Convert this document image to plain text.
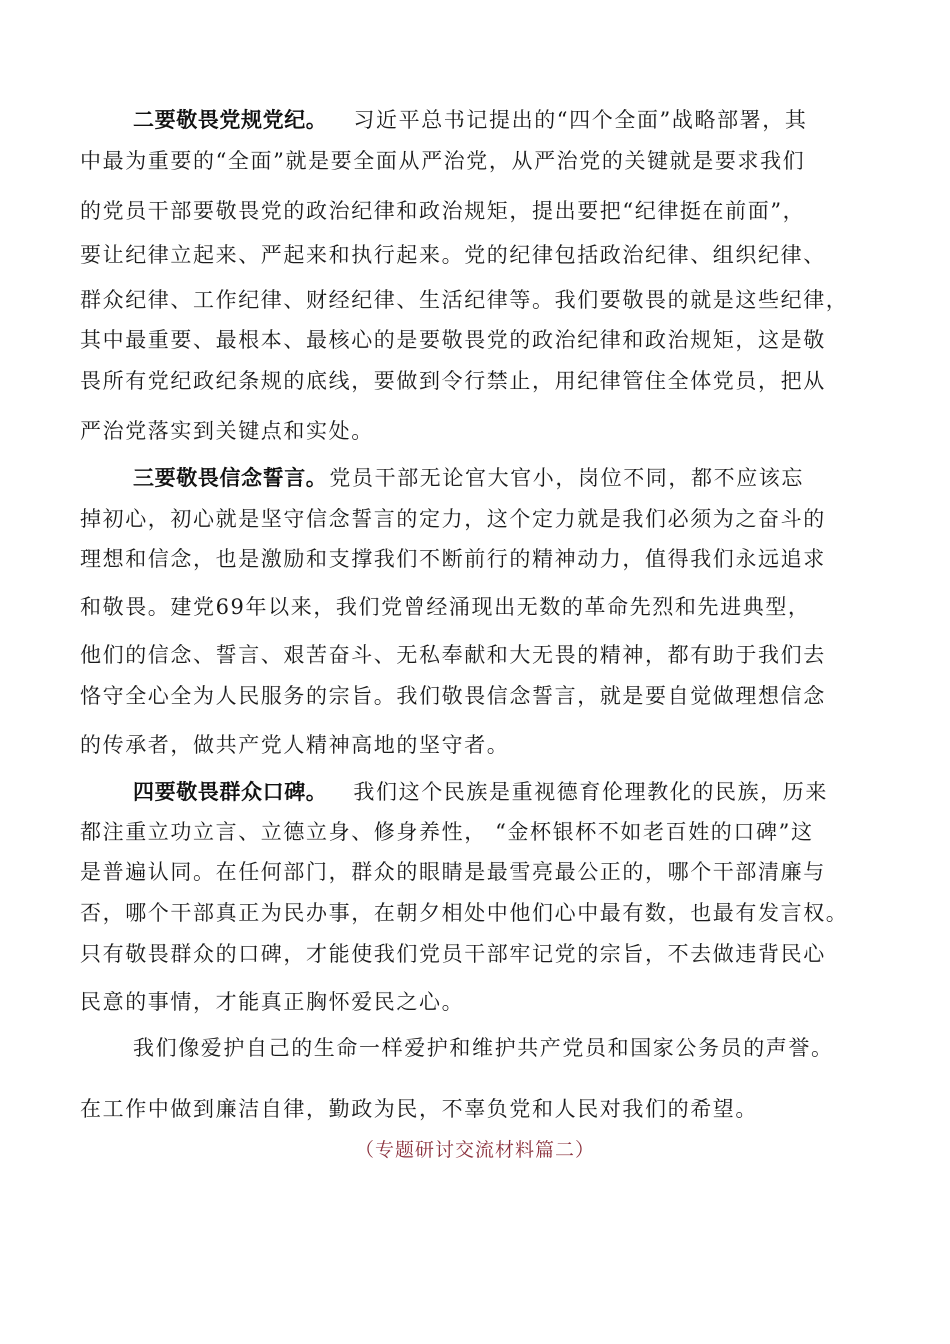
二要敬畏党规党纪。 习近平总书记提出的“四个全面”战略部署，其
中最为重要的“全面”就是要全面从严治党，从严治党的关键就是要求我们
的党员干部要敬畏党的政治纪律和政治规矩，提出要把“纪律挺在前面”，
要让纪律立起来、严起来和执行起来。党的纪律包括政治纪律、组织纪律、
群众纪律、工作纪律、财经纪律、生活纪律等。我们要敬畏的就是这些纪律，
其中最重要、最根本、最核心的是要敬畏党的政治纪律和政治规矩，这是敬
畏所有党纪政纪条规的底线，要做到令行禁止，用纪律管住全体党员，把从
严治党落实到关键点和实处。
三要敬畏信念誓言。党员干部无论官大官小，岗位不同，都不应该忘
掉初心，初心就是坚守信念誓言的定力，这个定力就是我们必须为之奋斗的
理想和信念，也是激励和支撑我们不断前行的精神动力，值得我们永远追求
和敬畏。建党69年以来，我们党曾经涌现出无数的革命先烈和先进典型，
他们的信念、誓言、艰苦奋斗、无私奉献和大无畏的精神，都有助于我们去
恪守全心全为人民服务的宗旨。我们敬畏信念誓言，就是要自觉做理想信念
的传承者，做共产党人精神高地的坚守者。
四要敬畏群众口碑。 我们这个民族是重视德育伦理教化的民族，历来
都注重立功立言、立德立身、修身养性， “金杯银杯不如老百姓的口碑”这
是普遍认同。在任何部门，群众的眼睛是最雪亮最公正的，哪个干部清廉与
否，哪个干部真正为民办事，在朝夕相处中他们心中最有数，也最有发言权。
只有敬畏群众的口碑，才能使我们党员干部牢记党的宗旨，不去做违背民心
民意的事情，才能真正胸怀爱民之心。
我们像爱护自己的生命一样爱护和维护共产党员和国家公务员的声誉。
在工作中做到廉洁自律，勤政为民，不辜负党和人民对我们的希望。
（专题研讨交流材料篇二）
